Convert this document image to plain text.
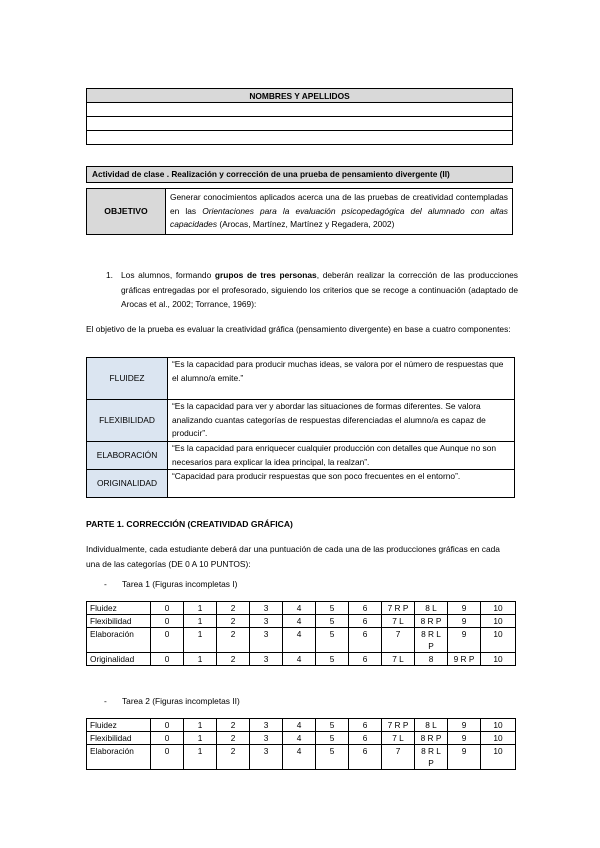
NOMBRES Y APELLIDOS

Actividad de clase . Realización y corrección de una prueba de pensamiento divergente (II)
OBJETIVO	Generar conocimientos aplicados acerca una de las pruebas de creatividad contempladas en las Orientaciones para la evaluación psicopedagógica del alumnado con altas capacidades (Arocas, Martínez, Martínez y Regadera, 2002)
1. Los alumnos, formando grupos de tres personas, deberán realizar la corrección de las producciones gráficas entregadas por el profesorado, siguiendo los criterios que se recoge a continuación (adaptado de Arocas et al., 2002; Torrance, 1969):
El objetivo de la prueba es evaluar la creatividad gráfica (pensamiento divergente) en base a cuatro componentes:
FLUIDEZ	“Es la capacidad para producir muchas ideas, se valora por el número de respuestas que el alumno/a emite.”
FLEXIBILIDAD	“Es la capacidad para ver y abordar las situaciones de formas diferentes. Se valora analizando cuantas categorías de respuestas diferenciadas el alumno/a es capaz de producir”.
ELABORACIÓN	“Es la capacidad para enriquecer cualquier producción con detalles que Aunque no son necesarios para explicar la idea principal, la realzan”.
ORIGINALIDAD	“Capacidad para producir respuestas que son poco frecuentes en el entorno”.
PARTE 1. CORRECCIÓN (CREATIVIDAD GRÁFICA)
Individualmente, cada estudiante deberá dar una puntuación de cada una de las producciones gráficas en cada una de las categorías (DE 0 A 10 PUNTOS):
- Tarea 1 (Figuras incompletas I)
Fluidez	0	1	2	3	4	5	6	7 R P	8 L	9	10
Flexibilidad	0	1	2	3	4	5	6	7 L	8 R P	9	10
Elaboración	0	1	2	3	4	5	6	7	8 R L P	9	10
Originalidad	0	1	2	3	4	5	6	7 L	8	9 R P	10
- Tarea 2 (Figuras incompletas II)
Fluidez	0	1	2	3	4	5	6	7 R P	8 L	9	10
Flexibilidad	0	1	2	3	4	5	6	7 L	8 R P	9	10
Elaboración	0	1	2	3	4	5	6	7	8 R L P	9	10
